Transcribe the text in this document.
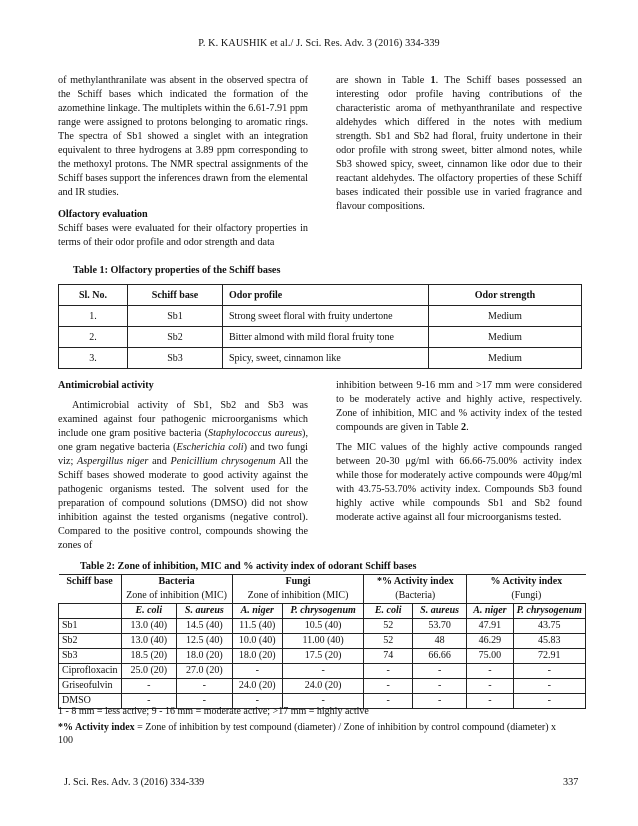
P. K. KAUSHIK et al./ J. Sci. Res. Adv. 3 (2016) 334-339

of methylanthranilate was absent in the observed spectra of the Schiff bases which indicated the formation of the azomethine linkage. The multiplets within the 6.61-7.91 ppm range were assigned to protons belonging to aromatic rings. The spectra of Sb1 showed a singlet with an integration equivalent to three hydrogens at 3.89 ppm corresponding to the methoxyl protons. The NMR spectral assignments of the Schiff bases support the inferences drawn from the elemental and IR studies.

Olfactory evaluation

Schiff bases were evaluated for their olfactory properties in terms of their odor profile and odor strength and data

are shown in Table 1. The Schiff bases possessed an interesting odor profile having contributions of the characteristic aroma of methyanthranilate and respective aldehydes which differed in the notes with medium strength. Sb1 and Sb2 had floral, fruity undertone in their odor profile with strong sweet, bitter almond notes, while Sb3 showed spicy, sweet, cinnamon like odor due to their reactant aldehydes. The olfactory properties of these Schiff bases indicated their possible use in varied fragrance and flavour compositions.

Table 1: Olfactory properties of the Schiff bases
Sl. No.	Schiff base	Odor profile	Odor strength
1.	Sb1	Strong sweet floral with fruity undertone	Medium
2.	Sb2	Bitter almond with mild floral fruity tone	Medium
3.	Sb3	Spicy, sweet, cinnamon like	Medium
Antimicrobial activity

Antimicrobial activity of Sb1, Sb2 and Sb3 was examined against four pathogenic microorganisms which include one gram positive bacteria (Staphylococcus aureus), one gram negative bacteria (Escherichia coli) and two fungi viz; Aspergillus niger and Penicillium chrysogenum All the Schiff bases showed moderate to good activity against the pathogenic organisms tested. The solvent used for the preparation of compound solutions (DMSO) did not show inhibition against the tested organisms (negative control). Compared to the positive control, compounds showing the zones of

inhibition between 9-16 mm and >17 mm were considered to be moderately active and highly active, respectively. Zone of inhibition, MIC and % activity index of the tested compounds are given in Table 2.

The MIC values of the highly active compounds ranged between 20-30 μg/ml with 66.66-75.00% activity index while those for moderately active compounds were 40μg/ml with 43.75-53.70% activity index. Compounds Sb3 found highly active while compounds Sb1 and Sb2 found moderate active against all four microorganisms tested.

Table 2: Zone of inhibition, MIC and % activity index of odorant Schiff bases
Schiff base	Bacteria		Fungi		*% Activity index		% Activity index	
	Zone of inhibition (MIC)		Zone of inhibition (MIC)		(Bacteria)		(Fungi)	
	E. coli	S. aureus	A. niger	P. chrysogenum	E. coli	S. aureus	A. niger	P. chrysogenum
Sb1	13.0 (40)	14.5 (40)	11.5 (40)	10.5 (40)	52	53.70	47.91	43.75
Sb2	13.0 (40)	12.5 (40)	10.0 (40)	11.00 (40)	52	48	46.29	45.83
Sb3	18.5 (20)	18.0 (20)	18.0 (20)	17.5 (20)	74	66.66	75.00	72.91
Ciprofloxacin	25.0 (20)	27.0 (20)	-	-	-	-	-	-
Griseofulvin	-	-	24.0 (20)	24.0 (20)	-	-	-	-
DMSO	-	-	-	-	-	-	-	-

1 - 8 mm = less active; 9 - 16 mm = moderate active; >17 mm = highly active

*% Activity index = Zone of inhibition by test compound (diameter) / Zone of inhibition by control compound (diameter) x 100

J. Sci. Res. Adv. 3 (2016) 334-339	337
